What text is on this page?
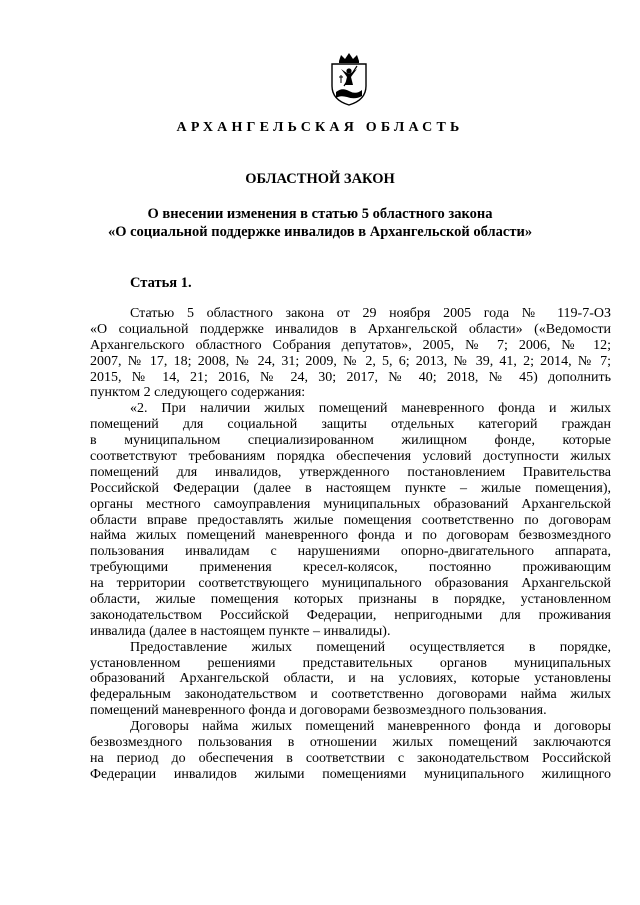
АРХАНГЕЛЬСКАЯ ОБЛАСТЬ
ОБЛАСТНОЙ ЗАКОН
О внесении изменения в статью 5 областного закона
«О социальной поддержке инвалидов в Архангельской области»
Статья 1.
Статью 5 областного закона от 29 ноября 2005 года № 119-7-ОЗ
«О социальной поддержке инвалидов в Архангельской области» («Ведомости
Архангельского областного Собрания депутатов», 2005, № 7; 2006, № 12;
2007, № 17, 18; 2008, № 24, 31; 2009, № 2, 5, 6; 2013, № 39, 41, 2; 2014, № 7;
2015, № 14, 21; 2016, № 24, 30; 2017, № 40; 2018, № 45) дополнить
пунктом 2 следующего содержания:
«2. При наличии жилых помещений маневренного фонда и жилых
помещений для социальной защиты отдельных категорий граждан
в муниципальном специализированном жилищном фонде, которые
соответствуют требованиям порядка обеспечения условий доступности жилых
помещений для инвалидов, утвержденного постановлением Правительства
Российской Федерации (далее в настоящем пункте – жилые помещения),
органы местного самоуправления муниципальных образований Архангельской
области вправе предоставлять жилые помещения соответственно по договорам
найма жилых помещений маневренного фонда и по договорам безвозмездного
пользования инвалидам с нарушениями опорно-двигательного аппарата,
требующими применения кресел-колясок, постоянно проживающим
на территории соответствующего муниципального образования Архангельской
области, жилые помещения которых признаны в порядке, установленном
законодательством Российской Федерации, непригодными для проживания
инвалида (далее в настоящем пункте – инвалиды).
Предоставление жилых помещений осуществляется в порядке,
установленном решениями представительных органов муниципальных
образований Архангельской области, и на условиях, которые установлены
федеральным законодательством и соответственно договорами найма жилых
помещений маневренного фонда и договорами безвозмездного пользования.
Договоры найма жилых помещений маневренного фонда и договоры
безвозмездного пользования в отношении жилых помещений заключаются
на период до обеспечения в соответствии с законодательством Российской
Федерации инвалидов жилыми помещениями муниципального жилищного
